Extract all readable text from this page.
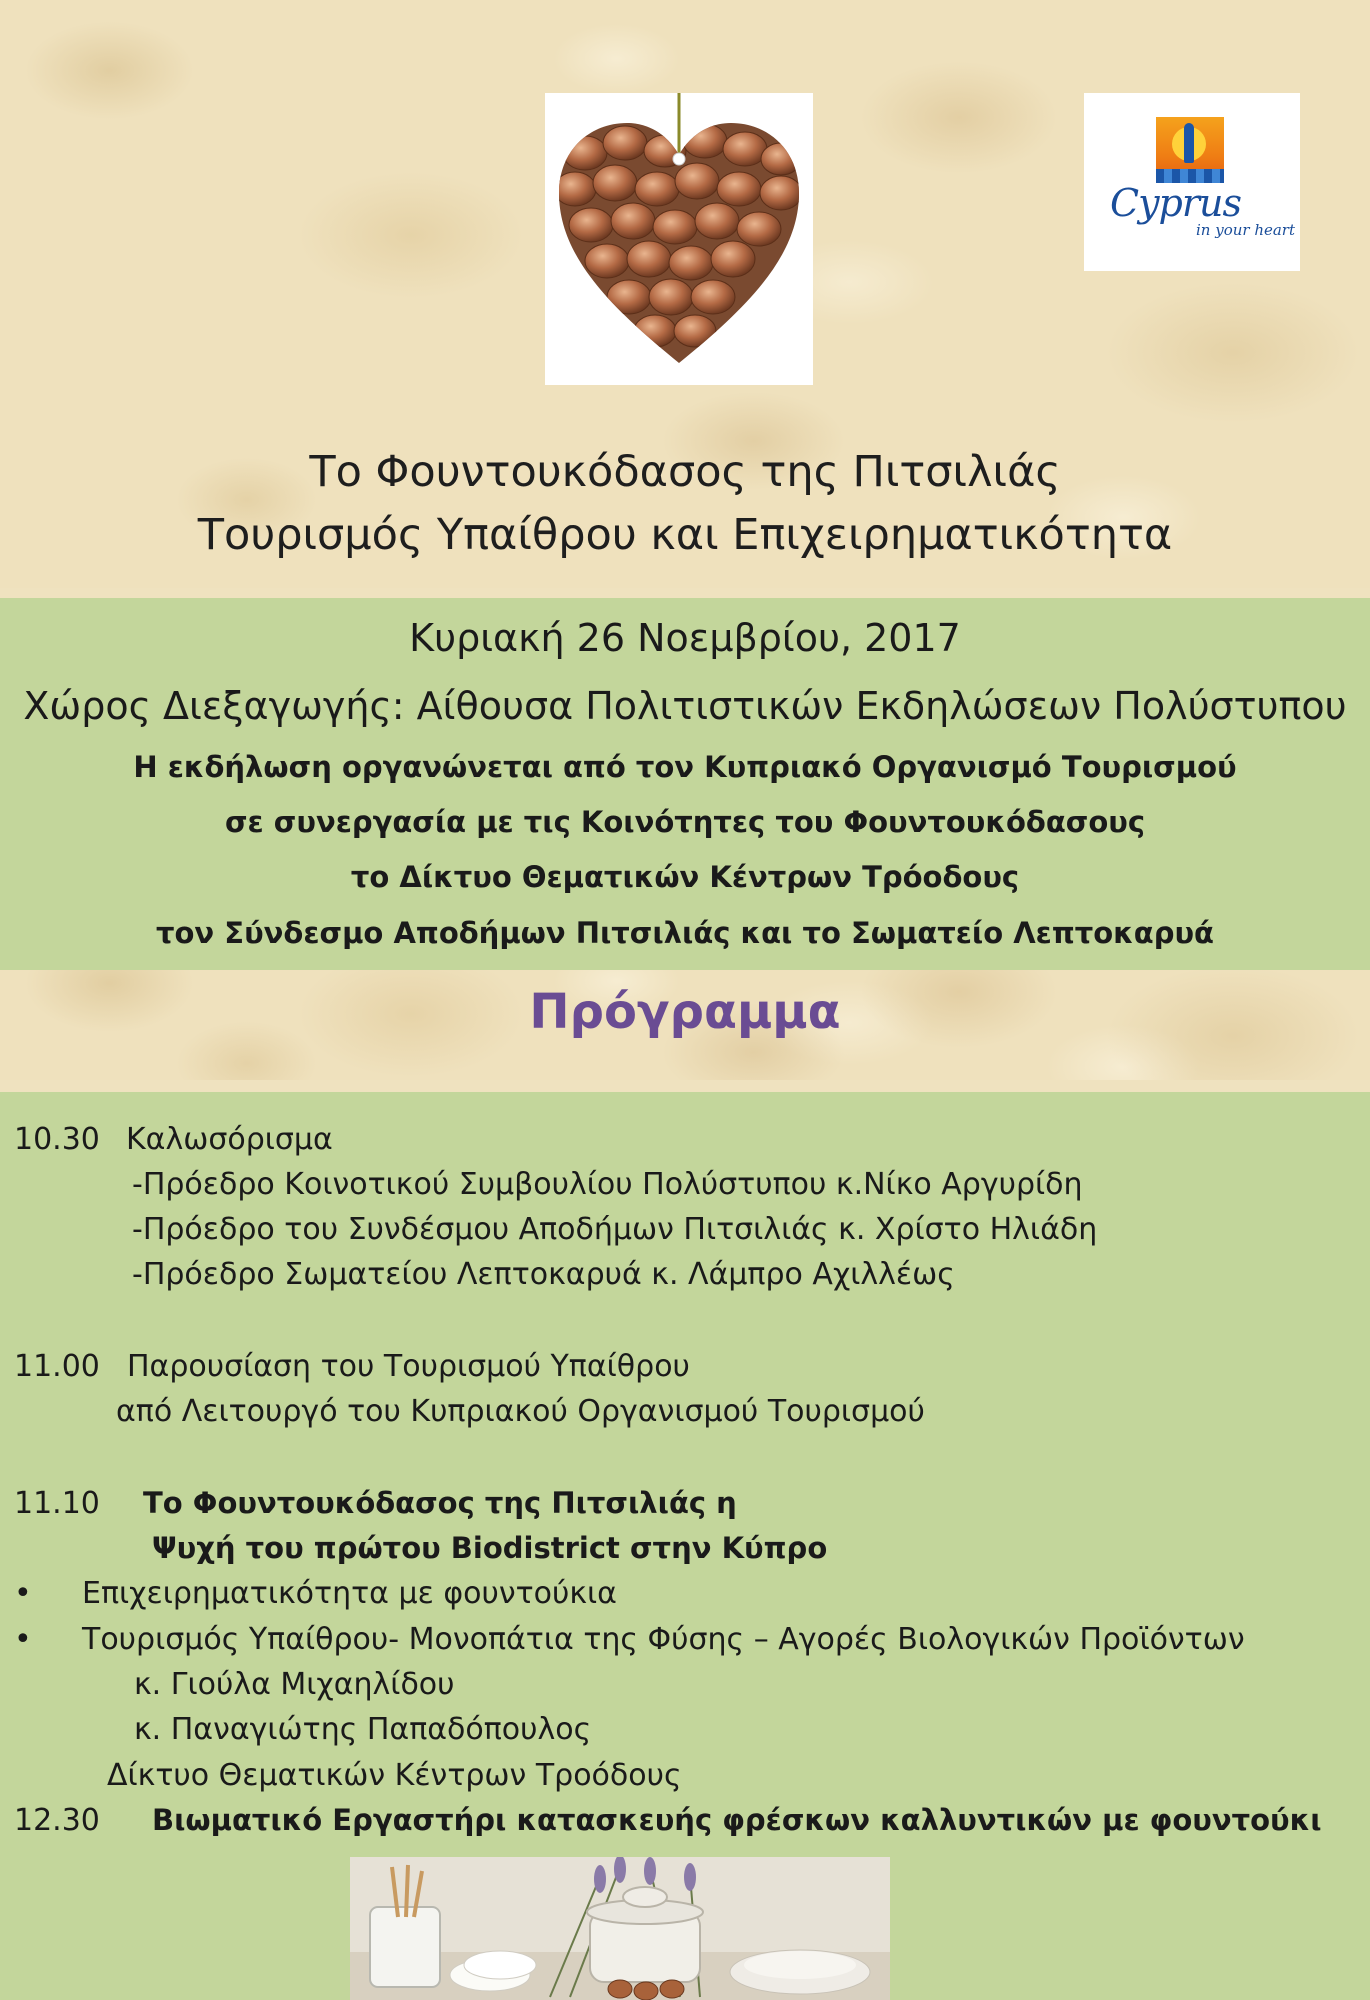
Cyprus
in your heart
Το Φουντουκόδασος της Πιτσιλιάς
Τουρισμός Υπαίθρου και Επιχειρηματικότητα
Κυριακή 26 Νοεμβρίου, 2017
Χώρος Διεξαγωγής: Αίθουσα Πολιτιστικών Εκδηλώσεων Πολύστυπου
Η εκδήλωση οργανώνεται από τον Κυπριακό Οργανισμό Τουρισμού
σε συνεργασία με τις Κοινότητες του Φουντουκόδασους
το Δίκτυο Θεματικών Κέντρων Τρόοδους
τον Σύνδεσμο Αποδήμων Πιτσιλιάς και το Σωματείο Λεπτοκαρυά
Πρόγραμμα
10.30 Καλωσόρισμα
-Πρόεδρο Κοινοτικού Συμβουλίου Πολύστυπου κ.Νίκο Αργυρίδη
-Πρόεδρο του Συνδέσμου Αποδήμων Πιτσιλιάς κ. Χρίστο Ηλιάδη
-Πρόεδρο Σωματείου Λεπτοκαρυά κ. Λάμπρο Αχιλλέως
11.00 Παρουσίαση του Τουρισμού Υπαίθρου
από Λειτουργό του Κυπριακού Οργανισμού Τουρισμού
11.10 Το Φουντουκόδασος της Πιτσιλιάς η
Ψυχή του πρώτου Biodistrict στην Κύπρο
• Επιχειρηματικότητα με φουντούκια
• Τουρισμός Υπαίθρου- Μονοπάτια της Φύσης – Αγορές Βιολογικών Προϊόντων
κ. Γιούλα Μιχαηλίδου
κ. Παναγιώτης Παπαδόπουλος
Δίκτυο Θεματικών Κέντρων Τροόδους
12.30 Βιωματικό Εργαστήρι κατασκευής φρέσκων καλλυντικών με φουντούκι
